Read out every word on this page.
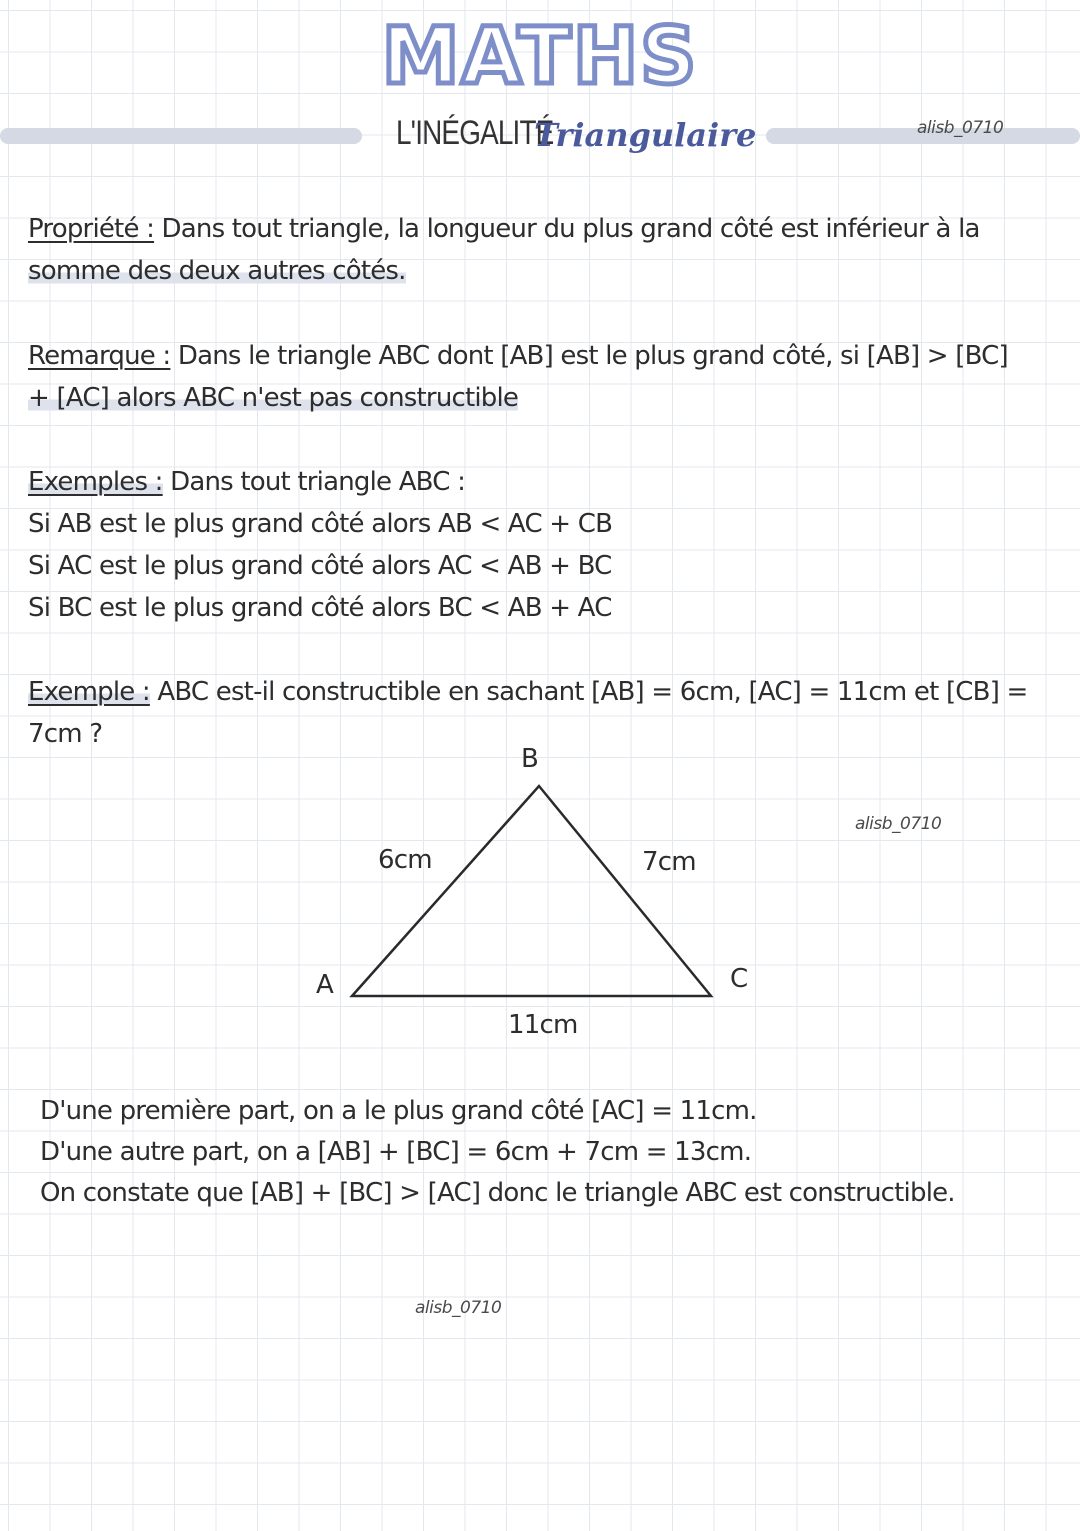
MATHS
L'INÉGALITÉ
Triangulaire	alisb_0710
Propriété : Dans tout triangle, la longueur du plus grand côté est inférieur à la
somme des deux autres côtés.
Remarque : Dans le triangle ABC dont [AB] est le plus grand côté, si [AB] > [BC]
+ [AC] alors ABC n'est pas constructible
Exemples : Dans tout triangle ABC :
Si AB est le plus grand côté alors AB < AC + CB
Si AC est le plus grand côté alors AC < AB + BC
Si BC est le plus grand côté alors BC < AB + AC
Exemple : ABC est-il constructible en sachant [AB] = 6cm, [AC] = 11cm et [CB] =
7cm ?
B
A	C
6cm	7cm
11cm
alisb_0710
D'une première part, on a le plus grand côté [AC] = 11cm.
D'une autre part, on a [AB] + [BC] = 6cm + 7cm = 13cm.
On constate que [AB] + [BC] > [AC] donc le triangle ABC est constructible.
alisb_0710
